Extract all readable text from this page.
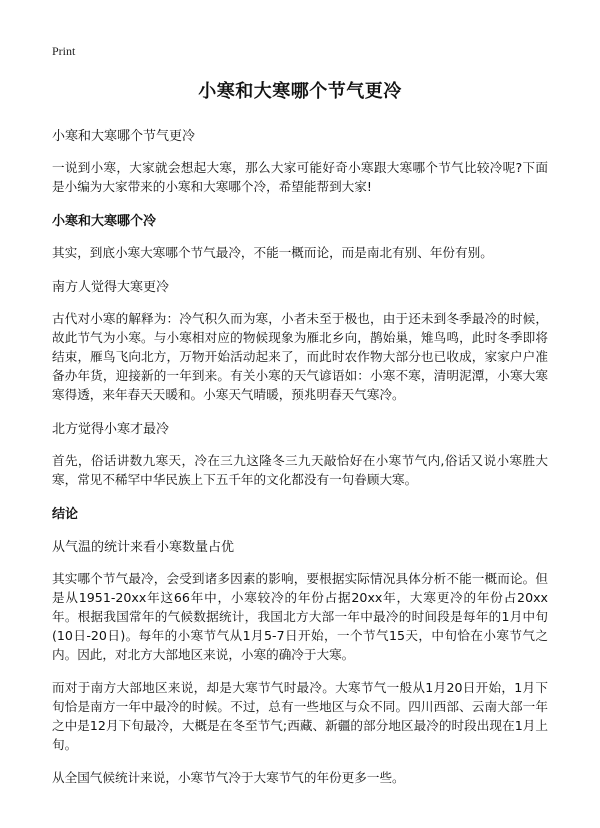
Print
小寒和大寒哪个节气更冷
小寒和大寒哪个节气更冷

一说到小寒，大家就会想起大寒，那么大家可能好奇小寒跟大寒哪个节气比较冷呢?下面是小编为大家带来的小寒和大寒哪个冷，希望能帮到大家!

小寒和大寒哪个冷

其实，到底小寒大寒哪个节气最冷，不能一概而论，而是南北有别、年份有别。

南方人觉得大寒更冷

古代对小寒的解释为：冷气积久而为寒，小者未至于极也，由于还未到冬季最冷的时候，故此节气为小寒。与小寒相对应的物候现象为雁北乡向，鹊始巢，雉鸟鸣，此时冬季即将结束，雁鸟飞向北方，万物开始活动起来了，而此时农作物大部分也已收成，家家户户准备办年货，迎接新的一年到来。有关小寒的天气谚语如：小寒不寒，清明泥潭，小寒大寒寒得透，来年春天天暖和。小寒天气晴暖，预兆明春天气寒冷。

北方觉得小寒才最冷

首先，俗话讲数九寒天，冷在三九这隆冬三九天敲恰好在小寒节气内,俗话又说小寒胜大寒，常见不稀罕中华民族上下五千年的文化都没有一句眷顾大寒。

结论
从气温的统计来看小寒数量占优

其实哪个节气最冷，会受到诸多因素的影响，要根据实际情况具体分析不能一概而论。但是从1951-20xx年这66年中，小寒较冷的年份占据20xx年，大寒更冷的年份占20xx年。根据我国常年的气候数据统计，我国北方大部一年中最冷的时间段是每年的1月中旬(10日-20日)。每年的小寒节气从1月5-7日开始，一个节气15天，中旬恰在小寒节气之内。因此，对北方大部地区来说，小寒的确冷于大寒。

而对于南方大部地区来说，却是大寒节气时最冷。大寒节气一般从1月20日开始，1月下旬恰是南方一年中最冷的时候。不过，总有一些地区与众不同。四川西部、云南大部一年之中是12月下旬最冷，大概是在冬至节气;西藏、新疆的部分地区最冷的时段出现在1月上旬。

从全国气候统计来说，小寒节气冷于大寒节气的年份更多一些。
